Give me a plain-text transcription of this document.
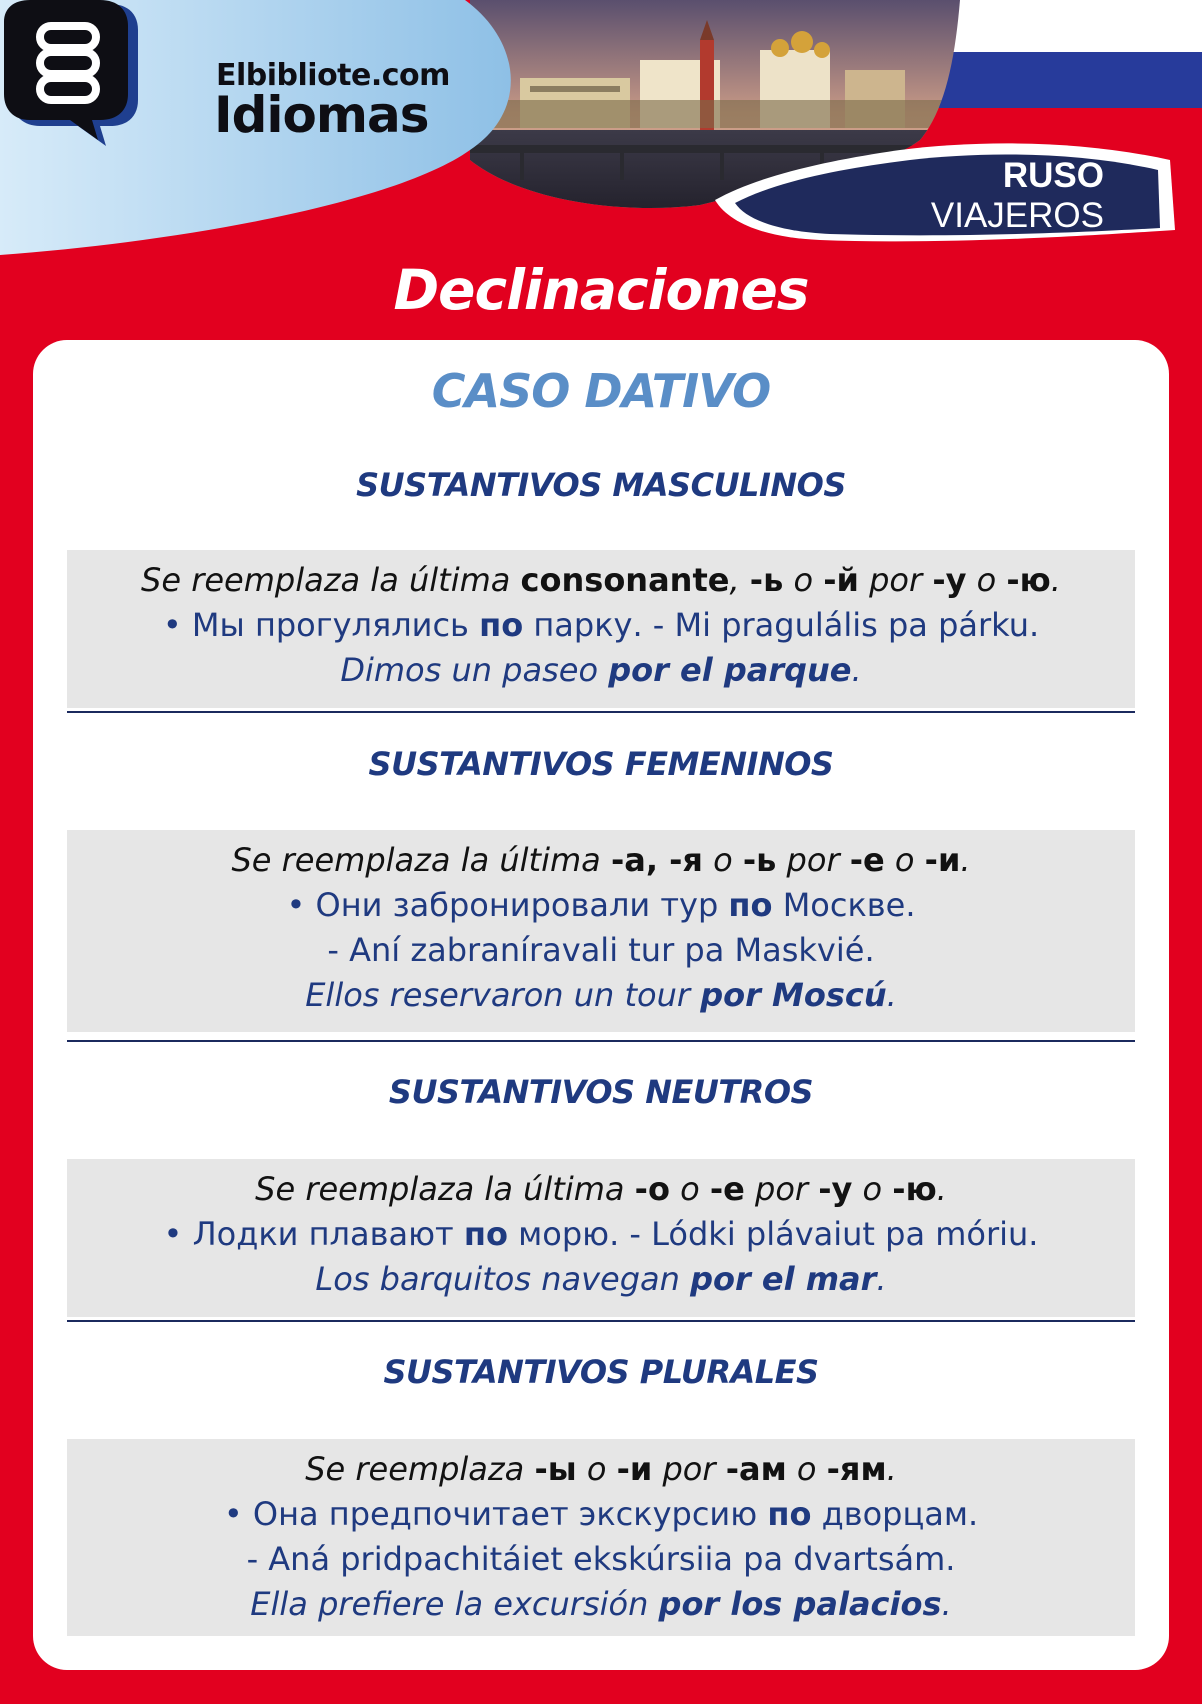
Elbibliote.com
Idiomas
RUSO
VIAJEROS
Declinaciones
CASO DATIVO
SUSTANTIVOS MASCULINOS
Se reemplaza la última consonante, -ь o -й por -у o -ю.
• Мы прогулялись по парку. - Mi pragulális pa párku.
Dimos un paseo por el parque.
SUSTANTIVOS FEMENINOS
Se reemplaza la última -а, -я o -ь por -е o -и.
• Они забронировали тур по Москве.
- Aní zabraníravali tur pa Maskvié.
Ellos reservaron un tour por Moscú.
SUSTANTIVOS NEUTROS
Se reemplaza la última -о o -е por -у o -ю.
• Лодки плавают по морю. - Lódki plávaiut pa móriu.
Los barquitos navegan por el mar.
SUSTANTIVOS PLURALES
Se reemplaza -ы o -и por -ам o -ям.
• Она предпочитает экскурсию по дворцам.
- Aná pridpachitáiet ekskúrsiia pa dvartsám.
Ella prefiere la excursión por los palacios.
